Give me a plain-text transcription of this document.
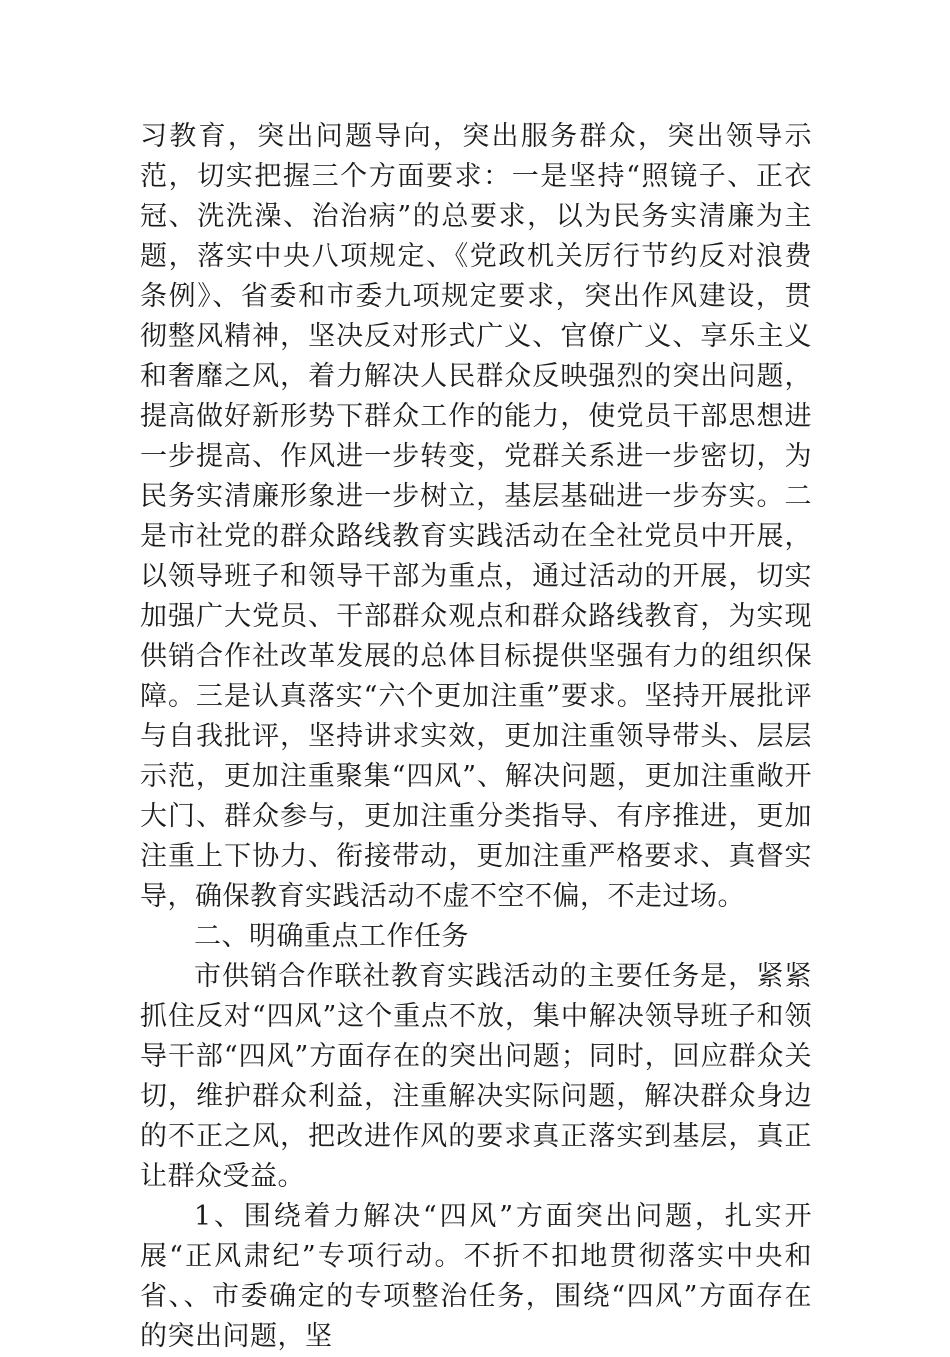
习教育，突出问题导向，突出服务群众，突出领导示范，切实把握三个方面要求：一是坚持“照镜子、正衣冠、洗洗澡、治治病”的总要求，以为民务实清廉为主题，落实中央八项规定、《党政机关厉行节约反对浪费条例》、省委和市委九项规定要求，突出作风建设，贯彻整风精神，坚决反对形式广义、官僚广义、享乐主义和奢靡之风，着力解决人民群众反映强烈的突出问题，提高做好新形势下群众工作的能力，使党员干部思想进一步提高、作风进一步转变，党群关系进一步密切，为民务实清廉形象进一步树立，基层基础进一步夯实。二是市社党的群众路线教育实践活动在全社党员中开展，以领导班子和领导干部为重点，通过活动的开展，切实加强广大党员、干部群众观点和群众路线教育，为实现供销合作社改革发展的总体目标提供坚强有力的组织保障。三是认真落实“六个更加注重”要求。坚持开展批评与自我批评，坚持讲求实效，更加注重领导带头、层层示范，更加注重聚集“四风”、解决问题，更加注重敞开大门、群众参与，更加注重分类指导、有序推进，更加注重上下协力、衔接带动，更加注重严格要求、真督实导，确保教育实践活动不虚不空不偏，不走过场。

二、明确重点工作任务

市供销合作联社教育实践活动的主要任务是，紧紧抓住反对“四风”这个重点不放，集中解决领导班子和领导干部“四风”方面存在的突出问题；同时，回应群众关切，维护群众利益，注重解决实际问题，解决群众身边的不正之风，把改进作风的要求真正落实到基层，真正让群众受益。

1、围绕着力解决“四风”方面突出问题，扎实开展“正风肃纪”专项行动。不折不扣地贯彻落实中央和省、、市委确定的专项整治任务，围绕“四风”方面存在的突出问题，坚
